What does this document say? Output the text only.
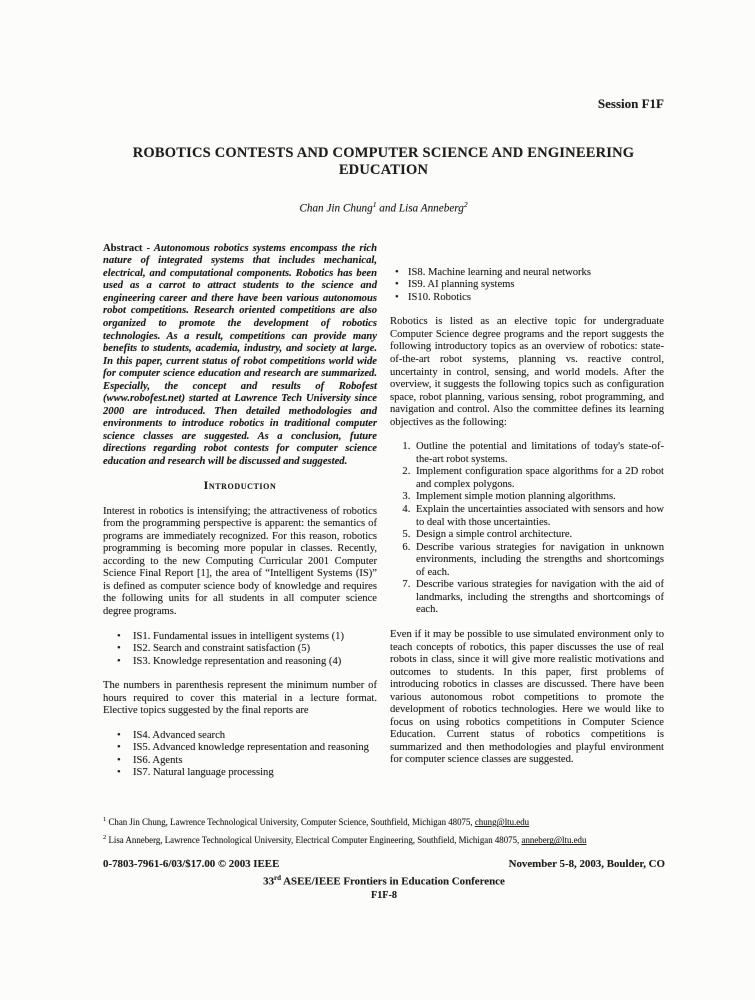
Session F1F
ROBOTICS CONTESTS AND COMPUTER SCIENCE AND ENGINEERING
EDUCATION
Chan Jin Chung$^1$ and Lisa Anneberg$^2$

Abstract - Autonomous robotics systems encompass the rich nature of integrated systems that includes mechanical, electrical, and computational components. Robotics has been used as a carrot to attract students to the science and engineering career and there have been various autonomous robot competitions. Research oriented competitions are also organized to promote the development of robotics technologies. As a result, competitions can provide many benefits to students, academia, industry, and society at large. In this paper, current status of robot competitions world wide for computer science education and research are summarized. Especially, the concept and results of Robofest (www.robofest.net) started at Lawrence Tech University since 2000 are introduced. Then detailed methodologies and environments to introduce robotics in traditional computer science classes are suggested. As a conclusion, future directions regarding robot contests for computer science education and research will be discussed and suggested.

Introduction

Interest in robotics is intensifying; the attractiveness of robotics from the programming perspective is apparent: the semantics of programs are immediately recognized. For this reason, robotics programming is becoming more popular in classes. Recently, according to the new Computing Curricular 2001 Computer Science Final Report [1], the area of “Intelligent Systems (IS)” is defined as computer science body of knowledge and requires the following units for all students in all computer science degree programs.

• IS1. Fundamental issues in intelligent systems (1)
• IS2. Search and constraint satisfaction (5)
• IS3. Knowledge representation and reasoning (4)

The numbers in parenthesis represent the minimum number of hours required to cover this material in a lecture format. Elective topics suggested by the final reports are

• IS4. Advanced search
• IS5. Advanced knowledge representation and reasoning
• IS6. Agents
• IS7. Natural language processing
• IS8. Machine learning and neural networks
• IS9. AI planning systems
• IS10. Robotics

Robotics is listed as an elective topic for undergraduate Computer Science degree programs and the report suggests the following introductory topics as an overview of robotics: state-of-the-art robot systems, planning vs. reactive control, uncertainty in control, sensing, and world models. After the overview, it suggests the following topics such as configuration space, robot planning, various sensing, robot programming, and navigation and control. Also the committee defines its learning objectives as the following:

1. Outline the potential and limitations of today's state-of-the-art robot systems.
2. Implement configuration space algorithms for a 2D robot and complex polygons.
3. Implement simple motion planning algorithms.
4. Explain the uncertainties associated with sensors and how to deal with those uncertainties.
5. Design a simple control architecture.
6. Describe various strategies for navigation in unknown environments, including the strengths and shortcomings of each.
7. Describe various strategies for navigation with the aid of landmarks, including the strengths and shortcomings of each.

Even if it may be possible to use simulated environment only to teach concepts of robotics, this paper discusses the use of real robots in class, since it will give more realistic motivations and outcomes to students. In this paper, first problems of introducing robotics in classes are discussed. There have been various autonomous robot competitions to promote the development of robotics technologies. Here we would like to focus on using robotics competitions in Computer Science Education. Current status of robotics competitions is summarized and then methodologies and playful environment for computer science classes are suggested.

$^1$ Chan Jin Chung, Lawrence Technological University, Computer Science, Southfield, Michigan 48075, chung@ltu.edu
$^2$ Lisa Anneberg, Lawrence Technological University, Electrical Computer Engineering, Southfield, Michigan 48075, anneberg@ltu.edu
0-7803-7961-6/03/$17.00 © 2003 IEEE	November 5-8, 2003, Boulder, CO
33rd ASEE/IEEE Frontiers in Education Conference
F1F-8
